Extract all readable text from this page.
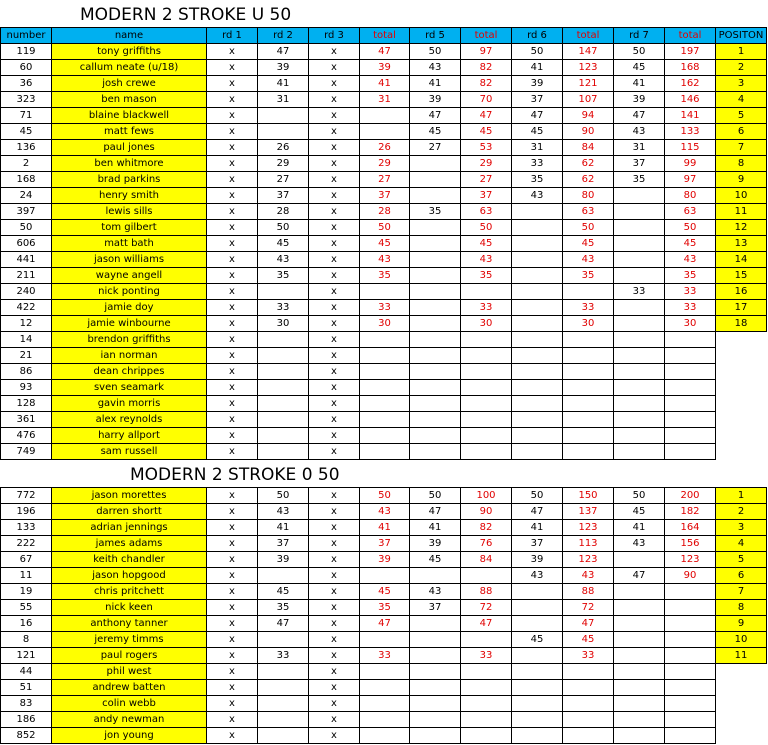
MODERN 2 STROKE U 50
number	name	rd 1	rd 2	rd 3	total	rd 5	total	rd 6	total	rd 7	total	POSITON
119	tony griffiths	x	47	x	47	50	97	50	147	50	197	1
60	callum neate (u/18)	x	39	x	39	43	82	41	123	45	168	2
36	josh crewe	x	41	x	41	41	82	39	121	41	162	3
323	ben mason	x	31	x	31	39	70	37	107	39	146	4
71	blaine blackwell	x		x		47	47	47	94	47	141	5
45	matt fews	x		x		45	45	45	90	43	133	6
136	paul jones	x	26	x	26	27	53	31	84	31	115	7
2	ben whitmore	x	29	x	29		29	33	62	37	99	8
168	brad parkins	x	27	x	27		27	35	62	35	97	9
24	henry smith	x	37	x	37		37	43	80		80	10
397	lewis sills	x	28	x	28	35	63		63		63	11
50	tom gilbert	x	50	x	50		50		50		50	12
606	matt bath	x	45	x	45		45		45		45	13
441	jason williams	x	43	x	43		43		43		43	14
211	wayne angell	x	35	x	35		35		35		35	15
240	nick ponting	x		x						33	33	16
422	jamie doy	x	33	x	33		33		33		33	17
12	jamie winbourne	x	30	x	30		30		30		30	18
14	brendon griffiths	x		x								
21	ian norman	x		x								
86	dean chrippes	x		x								
93	sven seamark	x		x								
128	gavin morris	x		x								
361	alex reynolds	x		x								
476	harry allport	x		x								
749	sam russell	x		x								
MODERN 2 STROKE 0 50
772	jason morettes	x	50	x	50	50	100	50	150	50	200	1
196	darren shortt	x	43	x	43	47	90	47	137	45	182	2
133	adrian jennings	x	41	x	41	41	82	41	123	41	164	3
222	james adams	x	37	x	37	39	76	37	113	43	156	4
67	keith chandler	x	39	x	39	45	84	39	123		123	5
11	jason hopgood	x		x				43	43	47	90	6
19	chris pritchett	x	45	x	45	43	88		88			7
55	nick keen	x	35	x	35	37	72		72			8
16	anthony tanner	x	47	x	47		47		47			9
8	jeremy timms	x		x				45	45			10
121	paul rogers	x	33	x	33		33		33			11
44	phil west	x		x								
51	andrew batten	x		x								
83	colin webb	x		x								
186	andy newman	x		x								
852	jon young	x		x								
